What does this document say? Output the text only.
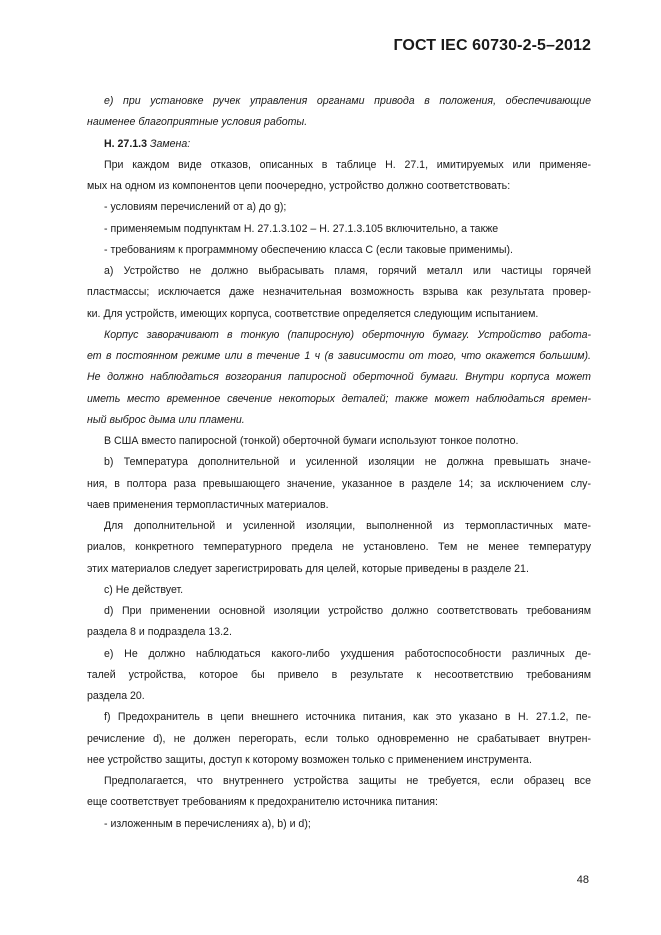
ГОСТ IEC 60730-2-5–2012
e) при установке ручек управления органами привода в положения, обеспечивающие
наименее благоприятные условия работы.
Н. 27.1.3 Замена:
При каждом виде отказов, описанных в таблице Н. 27.1, имитируемых или применяе-
мых на одном из компонентов цепи поочередно, устройство должно соответствовать:
- условиям перечислений от a) до g);
- применяемым подпунктам Н. 27.1.3.102 – Н. 27.1.3.105 включительно, а также
- требованиям к программному обеспечению класса С (если таковые применимы).
a) Устройство не должно выбрасывать пламя, горячий металл или частицы горячей
пластмассы; исключается даже незначительная возможность взрыва как результата провер-
ки. Для устройств, имеющих корпуса, соответствие определяется следующим испытанием.
Корпус заворачивают в тонкую (папиросную) оберточную бумагу. Устройство работа-
ет в постоянном режиме или в течение 1 ч (в зависимости от того, что окажется большим).
Не должно наблюдаться возгорания папиросной оберточной бумаги. Внутри корпуса может
иметь место временное свечение некоторых деталей; также может наблюдаться времен-
ный выброс дыма или пламени.
В США вместо папиросной (тонкой) оберточной бумаги используют тонкое полотно.
b) Температура дополнительной и усиленной изоляции не должна превышать значе-
ния, в полтора раза превышающего значение, указанное в разделе 14; за исключением слу-
чаев применения термопластичных материалов.
Для дополнительной и усиленной изоляции, выполненной из термопластичных мате-
риалов, конкретного температурного предела не установлено. Тем не менее температуру
этих материалов следует зарегистрировать для целей, которые приведены в разделе 21.
c) Не действует.
d) При применении основной изоляции устройство должно соответствовать требованиям
раздела 8 и подраздела 13.2.
e) Не должно наблюдаться какого-либо ухудшения работоспособности различных де-
талей устройства, которое бы привело в результате к несоответствию требованиям
раздела 20.
f) Предохранитель в цепи внешнего источника питания, как это указано в Н. 27.1.2, пе-
речисление d), не должен перегорать, если только одновременно не срабатывает внутрен-
нее устройство защиты, доступ к которому возможен только с применением инструмента.
Предполагается, что внутреннего устройства защиты не требуется, если образец все
еще соответствует требованиям к предохранителю источника питания:
- изложенным в перечислениях a), b) и d);
48
